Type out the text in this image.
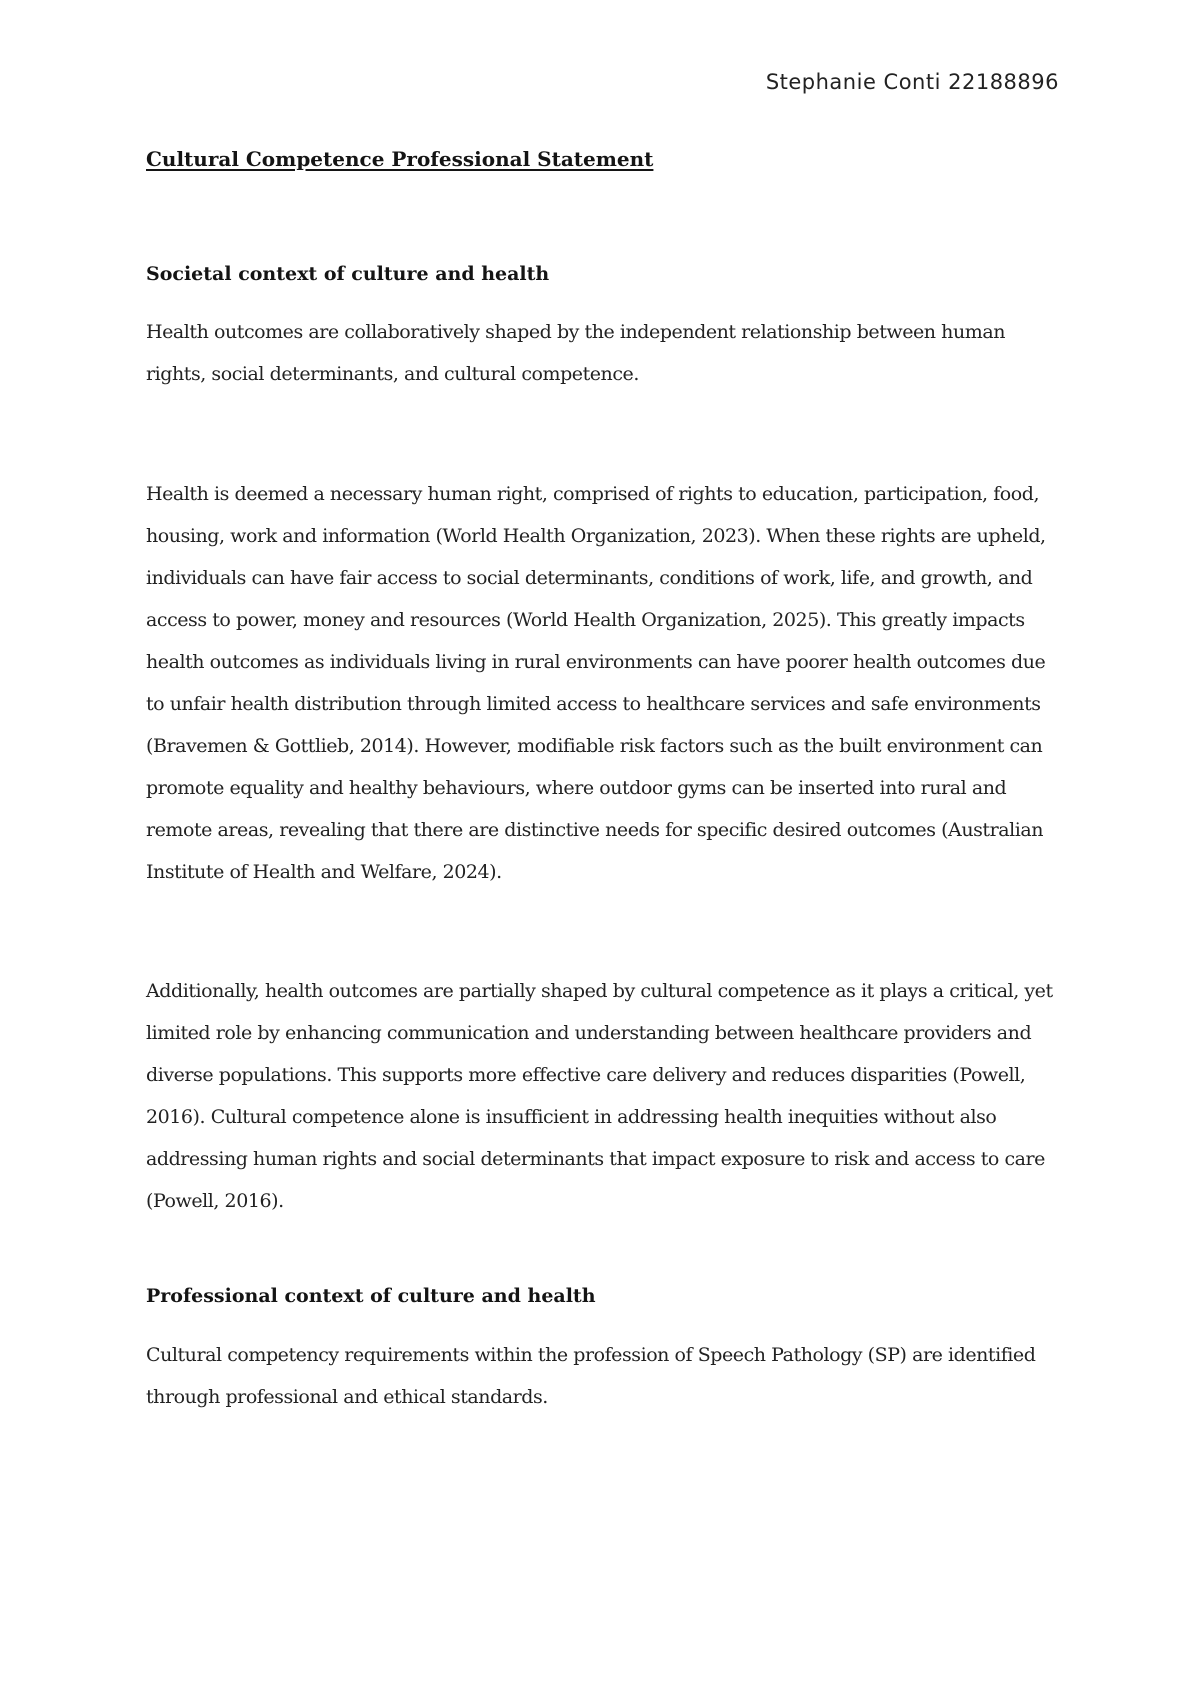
Stephanie Conti 22188896
Cultural Competence Professional Statement
Societal context of culture and health

Health outcomes are collaboratively shaped by the independent relationship between human rights, social determinants, and cultural competence.

Health is deemed a necessary human right, comprised of rights to education, participation, food, housing, work and information (World Health Organization, 2023). When these rights are upheld, individuals can have fair access to social determinants, conditions of work, life, and growth, and access to power, money and resources (World Health Organization, 2025). This greatly impacts health outcomes as individuals living in rural environments can have poorer health outcomes due to unfair health distribution through limited access to healthcare services and safe environments (Bravemen & Gottlieb, 2014). However, modifiable risk factors such as the built environment can promote equality and healthy behaviours, where outdoor gyms can be inserted into rural and remote areas, revealing that there are distinctive needs for specific desired outcomes (Australian Institute of Health and Welfare, 2024).

Additionally, health outcomes are partially shaped by cultural competence as it plays a critical, yet limited role by enhancing communication and understanding between healthcare providers and diverse populations. This supports more effective care delivery and reduces disparities (Powell, 2016). Cultural competence alone is insufficient in addressing health inequities without also addressing human rights and social determinants that impact exposure to risk and access to care (Powell, 2016).

Professional context of culture and health

Cultural competency requirements within the profession of Speech Pathology (SP) are identified through professional and ethical standards.
